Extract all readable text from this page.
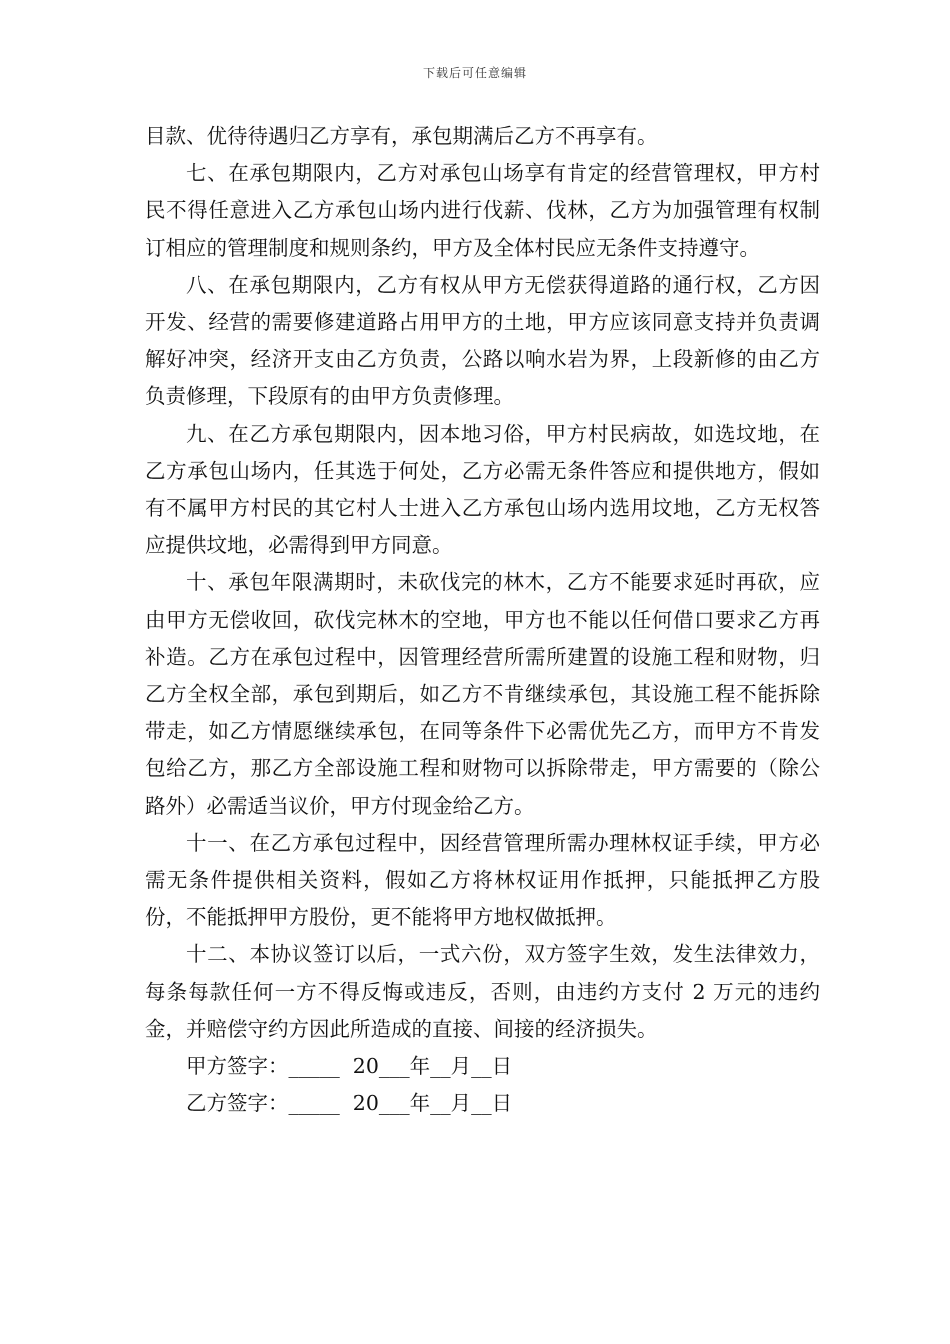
下载后可任意编辑

目款、优待待遇归乙方享有，承包期满后乙方不再享有。

七、在承包期限内，乙方对承包山场享有肯定的经营管理权，甲方村民不得任意进入乙方承包山场内进行伐薪、伐林，乙方为加强管理有权制订相应的管理制度和规则条约，甲方及全体村民应无条件支持遵守。

八、在承包期限内，乙方有权从甲方无偿获得道路的通行权，乙方因开发、经营的需要修建道路占用甲方的土地，甲方应该同意支持并负责调解好冲突，经济开支由乙方负责，公路以响水岩为界，上段新修的由乙方负责修理，下段原有的由甲方负责修理。

九、在乙方承包期限内，因本地习俗，甲方村民病故，如选坟地，在乙方承包山场内，任其选于何处，乙方必需无条件答应和提供地方，假如有不属甲方村民的其它村人士进入乙方承包山场内选用坟地，乙方无权答应提供坟地，必需得到甲方同意。

十、承包年限满期时，未砍伐完的林木，乙方不能要求延时再砍，应由甲方无偿收回，砍伐完林木的空地，甲方也不能以任何借口要求乙方再补造。乙方在承包过程中，因管理经营所需所建置的设施工程和财物，归乙方全权全部，承包到期后，如乙方不肯继续承包，其设施工程不能拆除带走，如乙方情愿继续承包，在同等条件下必需优先乙方，而甲方不肯发包给乙方，那乙方全部设施工程和财物可以拆除带走，甲方需要的（除公路外）必需适当议价，甲方付现金给乙方。

十一、在乙方承包过程中，因经营管理所需办理林权证手续，甲方必需无条件提供相关资料，假如乙方将林权证用作抵押，只能抵押乙方股份，不能抵押甲方股份，更不能将甲方地权做抵押。

十二、本协议签订以后，一式六份，双方签字生效，发生法律效力，每条每款任何一方不得反悔或违反，否则，由违约方支付 2 万元的违约金，并赔偿守约方因此所造成的直接、间接的经济损失。

甲方签字：_____  20___年__月__日

乙方签字：_____  20___年__月__日
